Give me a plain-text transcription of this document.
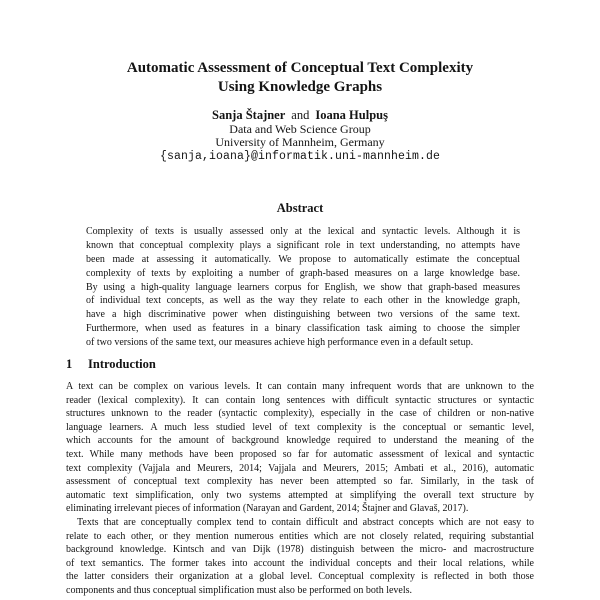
Automatic Assessment of Conceptual Text Complexity
Using Knowledge Graphs
Sanja Štajner and Ioana Hulpuş
Data and Web Science Group
University of Mannheim, Germany
{sanja,ioana}@informatik.uni-mannheim.de
Abstract
Complexity of texts is usually assessed only at the lexical and syntactic levels. Although it is
known that conceptual complexity plays a significant role in text understanding, no attempts have
been made at assessing it automatically. We propose to automatically estimate the conceptual
complexity of texts by exploiting a number of graph-based measures on a large knowledge base.
By using a high-quality language learners corpus for English, we show that graph-based measures
of individual text concepts, as well as the way they relate to each other in the knowledge graph,
have a high discriminative power when distinguishing between two versions of the same text.
Furthermore, when used as features in a binary classification task aiming to choose the simpler
of two versions of the same text, our measures achieve high performance even in a default setup.
1 Introduction
A text can be complex on various levels. It can contain many infrequent words that are unknown to the
reader (lexical complexity). It can contain long sentences with difficult syntactic structures or syntactic
structures unknown to the reader (syntactic complexity), especially in the case of children or non-native
language learners. A much less studied level of text complexity is the conceptual or semantic level,
which accounts for the amount of background knowledge required to understand the meaning of the
text. While many methods have been proposed so far for automatic assessment of lexical and syntactic
text complexity (Vajjala and Meurers, 2014; Vajjala and Meurers, 2015; Ambati et al., 2016), automatic
assessment of conceptual text complexity has never been attempted so far. Similarly, in the task of
automatic text simplification, only two systems attempted at simplifying the overall text structure by
eliminating irrelevant pieces of information (Narayan and Gardent, 2014; Štajner and Glavaš, 2017).
Texts that are conceptually complex tend to contain difficult and abstract concepts which are not easy to
relate to each other, or they mention numerous entities which are not closely related, requiring substantial
background knowledge. Kintsch and van Dijk (1978) distinguish between the micro- and macrostructure
of text semantics. The former takes into account the individual concepts and their local relations, while
the latter considers their organization at a global level. Conceptual complexity is reflected in both those
components and thus conceptual simplification must also be performed on both levels.
